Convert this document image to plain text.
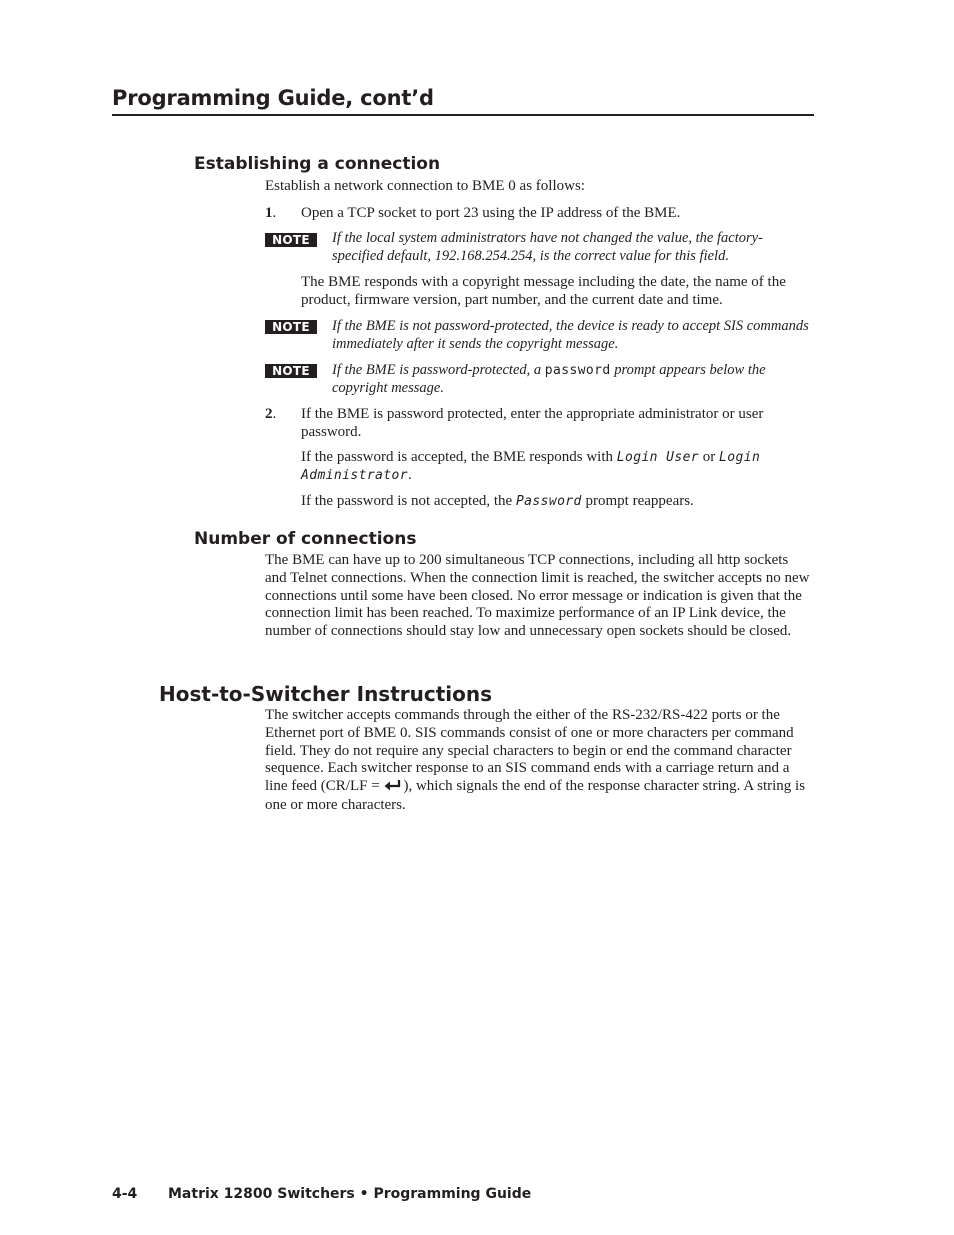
Programming Guide, cont’d
Establishing a connection

Establish a network connection to BME 0 as follows:

1. Open a TCP socket to port 23 using the IP address of the BME.

NOTE	If the local system administrators have not changed the value, the factory-specified default, 192.168.254.254, is the correct value for this field.

The BME responds with a copyright message including the date, the name of the product, firmware version, part number, and the current date and time.

NOTE	If the BME is not password-protected, the device is ready to accept SIS commands immediately after it sends the copyright message.

NOTE	If the BME is password-protected, a password prompt appears below the copyright message.

2. If the BME is password protected, enter the appropriate administrator or user password.

If the password is accepted, the BME responds with Login User or Login Administrator.

If the password is not accepted, the Password prompt reappears.

Number of connections

The BME can have up to 200 simultaneous TCP connections, including all http sockets and Telnet connections. When the connection limit is reached, the switcher accepts no new connections until some have been closed. No error message or indication is given that the connection limit has been reached. To maximize performance of an IP Link device, the number of connections should stay low and unnecessary open sockets should be closed.

Host-to-Switcher Instructions

The switcher accepts commands through the either of the RS-232/RS-422 ports or the Ethernet port of BME 0. SIS commands consist of one or more characters per command field. They do not require any special characters to begin or end the command character sequence. Each switcher response to an SIS command ends with a carriage return and a line feed (CR/LF = ), which signals the end of the response character string. A string is one or more characters.

4-4 Matrix 12800 Switchers • Programming Guide
